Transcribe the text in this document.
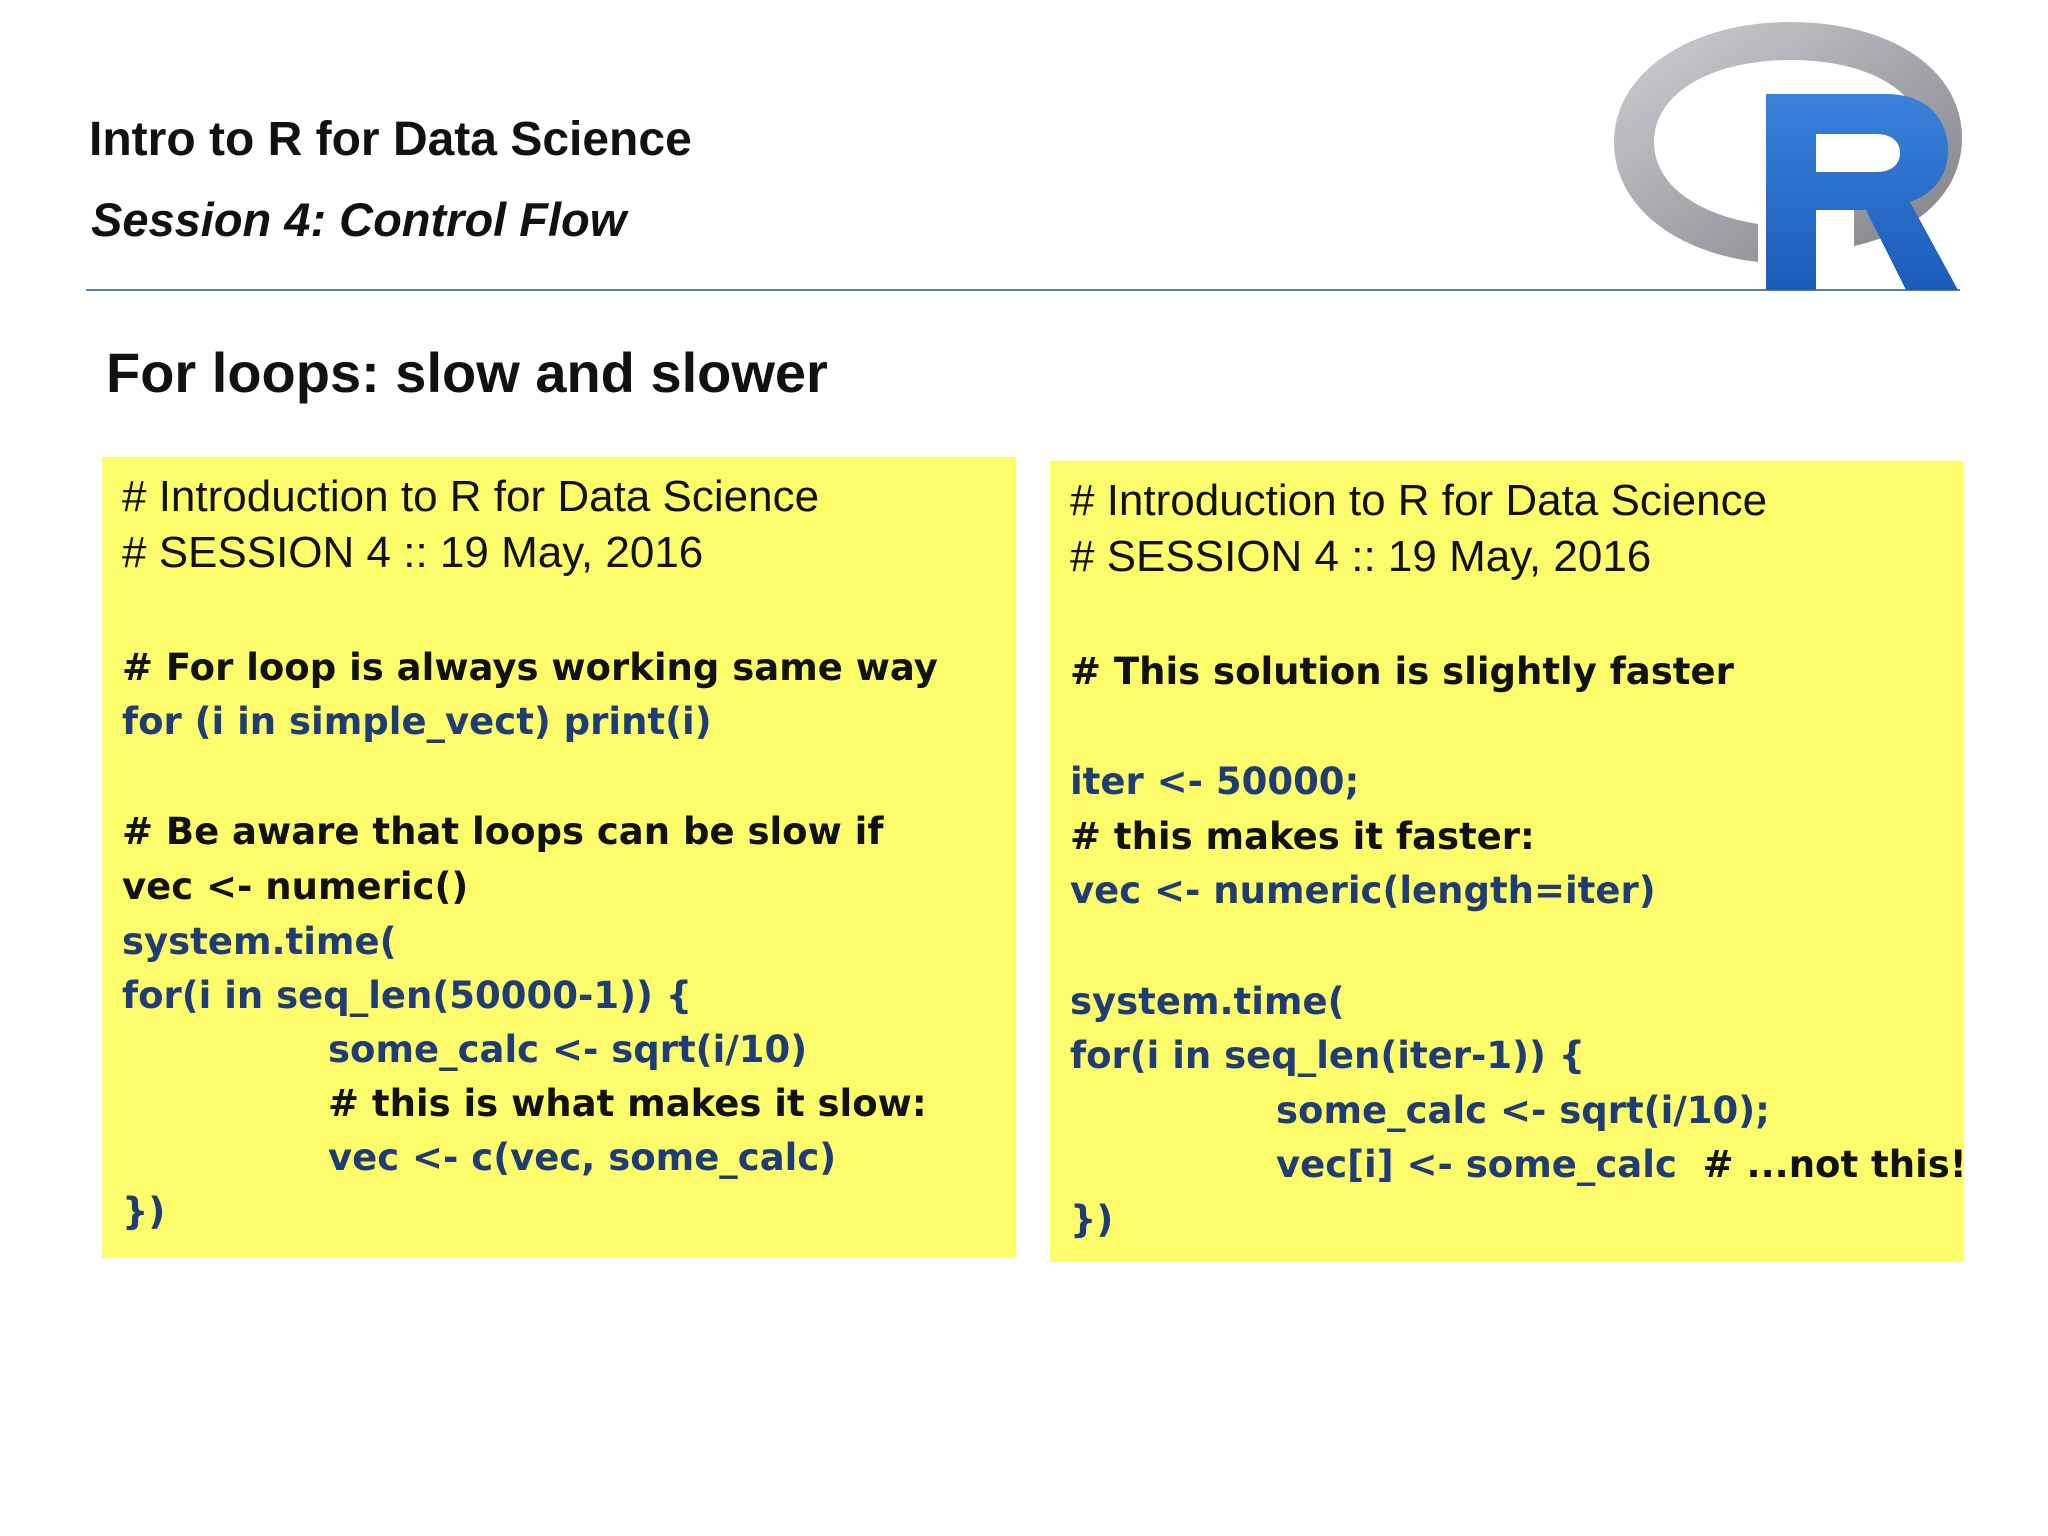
Intro to R for Data Science
Session 4: Control Flow
For loops: slow and slower
# Introduction to R for Data Science
# SESSION 4 :: 19 May, 2016
# For loop is always working same way
for (i in simple_vect) print(i)
# Be aware that loops can be slow if
vec <- numeric()
system.time(
for(i in seq_len(50000-1)) {
some_calc <- sqrt(i/10)
# this is what makes it slow:
vec <- c(vec, some_calc)
})
# Introduction to R for Data Science
# SESSION 4 :: 19 May, 2016
# This solution is slightly faster
iter <- 50000;
# this makes it faster:
vec <- numeric(length=iter)
system.time(
for(i in seq_len(iter-1)) {
some_calc <- sqrt(i/10);
vec[i] <- some_calc # ...not this!
})
